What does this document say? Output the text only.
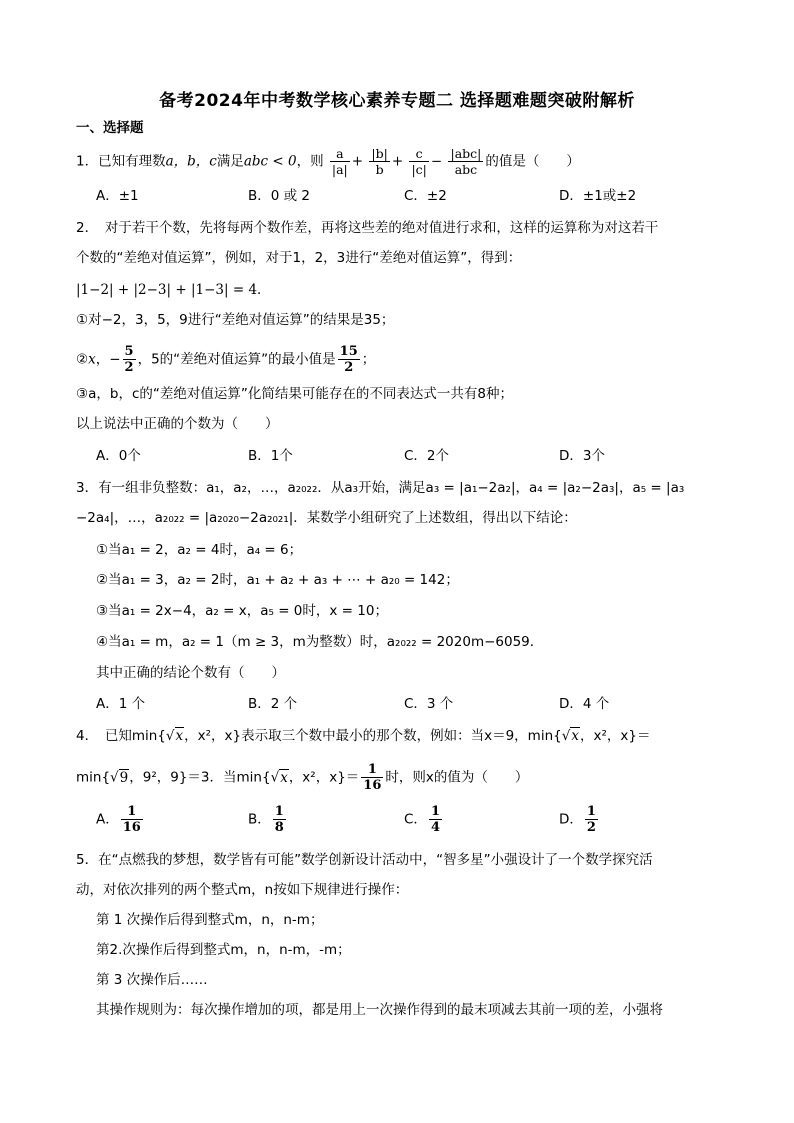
备考2024年中考数学核心素养专题二 选择题难题突破附解析
一、选择题
1．已知有理数a，b，c满足abc < 0，则 $\frac{a}{|a|} + \frac{|b|}{b} + \frac{c}{|c|} - \frac{\text{|abc|}}{\text{abc}}$ 的值是（　　）
A．±1	B．0 或 2	C．±2	D．±1或±2
2．　对于若干个数，先将每两个数作差，再将这些差的绝对值进行求和，这样的运算称为对这若干
个数的“差绝对值运算”，例如，对于1，2，3进行“差绝对值运算”，得到：
|1−2| + |2−3| + |1−3| = 4．
①对−2，3，5，9进行“差绝对值运算”的结果是35；
②x，− $\frac{5}{2}$ ，5的“差绝对值运算”的最小值是 $\frac{15}{2}$ ；
③a，b，c的“差绝对值运算”化简结果可能存在的不同表达式一共有8种；
以上说法中正确的个数为（　　）
A．0个	B．1个	C．2个	D．3个
3．有一组非负整数：a₁，a₂，…，a₂₀₂₂．从a₃开始，满足a₃ = |a₁−2a₂|，a₄ = |a₂−2a₃|，a₅ = |a₃
−2a₄|，…，a₂₀₂₂ = |a₂₀₂₀−2a₂₀₂₁|．某数学小组研究了上述数组，得出以下结论：
①当a₁ = 2，a₂ = 4时，a₄ = 6；
②当a₁ = 3，a₂ = 2时，a₁ + a₂ + a₃ + ⋯ + a₂₀ = 142；
③当a₁ = 2x−4，a₂ = x，a₅ = 0时，x = 10；
④当a₁ = m，a₂ = 1（m ≥ 3，m为整数）时，a₂₀₂₂ = 2020m−6059．
其中正确的结论个数有（　　）
A．1 个	B．2 个	C．3 个	D．4 个
4．　已知min{√x，x²，x}表示取三个数中最小的那个数，例如：当x＝9，min{√x，x²，x}＝
min{√9，9²，9}＝3．当min{√x，x²，$x\}= \frac{1}{16}$ 时，则x的值为（　　）
A． $\frac{1}{16}$	B． $\frac{1}{8}$	C． $\frac{1}{4}$	D． $\frac{1}{2}$
5．在“点燃我的梦想，数学皆有可能”数学创新设计活动中，“智多星”小强设计了一个数学探究活
动，对依次排列的两个整式m，n按如下规律进行操作：
第 1 次操作后得到整式m，n，n-m；
第2.次操作后得到整式m，n，n-m，-m；
第 3 次操作后……
其操作规则为：每次操作增加的项，都是用上一次操作得到的最末项减去其前一项的差，小强将
